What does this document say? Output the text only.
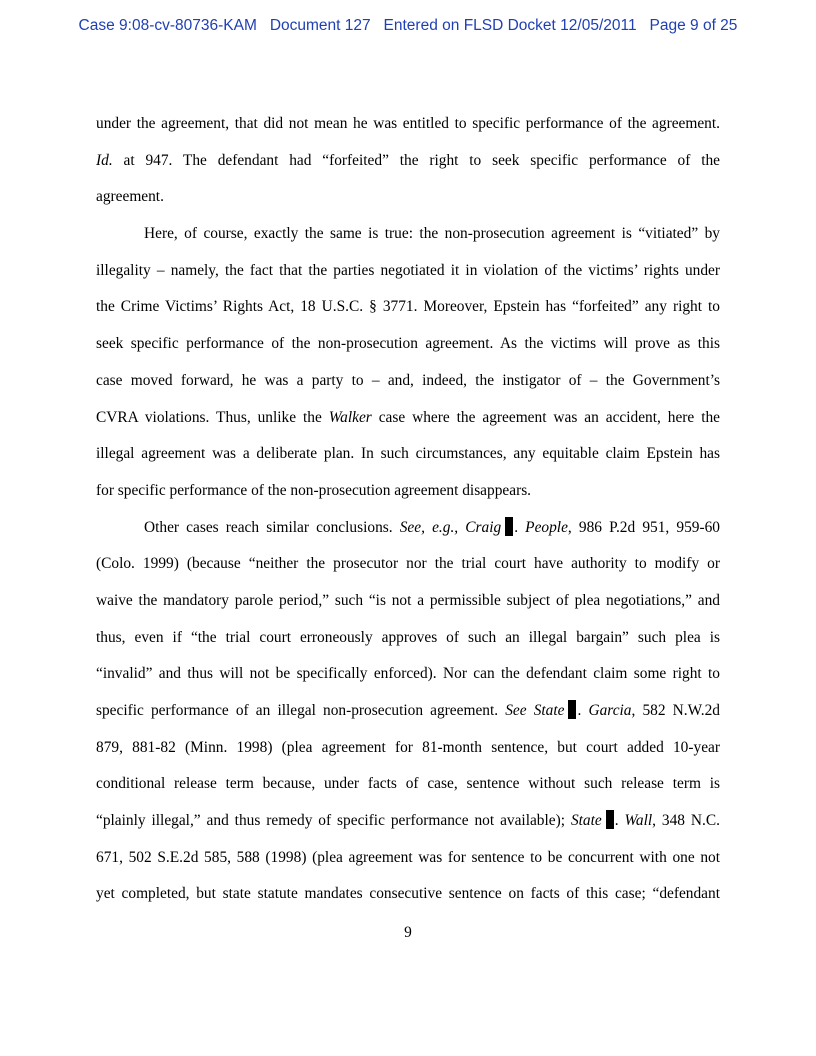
Case 9:08-cv-80736-KAM Document 127 Entered on FLSD Docket 12/05/2011 Page 9 of 25
under the agreement, that did not mean he was entitled to specific performance of the agreement.
Id. at 947. The defendant had “forfeited” the right to seek specific performance of the
agreement.
Here, of course, exactly the same is true: the non-prosecution agreement is “vitiated” by
illegality – namely, the fact that the parties negotiated it in violation of the victims’ rights under
the Crime Victims’ Rights Act, 18 U.S.C. § 3771. Moreover, Epstein has “forfeited” any right to
seek specific performance of the non-prosecution agreement. As the victims will prove as this
case moved forward, he was a party to – and, indeed, the instigator of – the Government’s
CVRA violations. Thus, unlike the Walker case where the agreement was an accident, here the
illegal agreement was a deliberate plan. In such circumstances, any equitable claim Epstein has
for specific performance of the non-prosecution agreement disappears.
Other cases reach similar conclusions. See, e.g., Craig . People, 986 P.2d 951, 959-60
(Colo. 1999) (because “neither the prosecutor nor the trial court have authority to modify or
waive the mandatory parole period,” such “is not a permissible subject of plea negotiations,” and
thus, even if “the trial court erroneously approves of such an illegal bargain” such plea is
“invalid” and thus will not be specifically enforced). Nor can the defendant claim some right to
specific performance of an illegal non-prosecution agreement. See State . Garcia, 582 N.W.2d
879, 881-82 (Minn. 1998) (plea agreement for 81-month sentence, but court added 10-year
conditional release term because, under facts of case, sentence without such release term is
“plainly illegal,” and thus remedy of specific performance not available); State . Wall, 348 N.C.
671, 502 S.E.2d 585, 588 (1998) (plea agreement was for sentence to be concurrent with one not
yet completed, but state statute mandates consecutive sentence on facts of this case; “defendant
9
